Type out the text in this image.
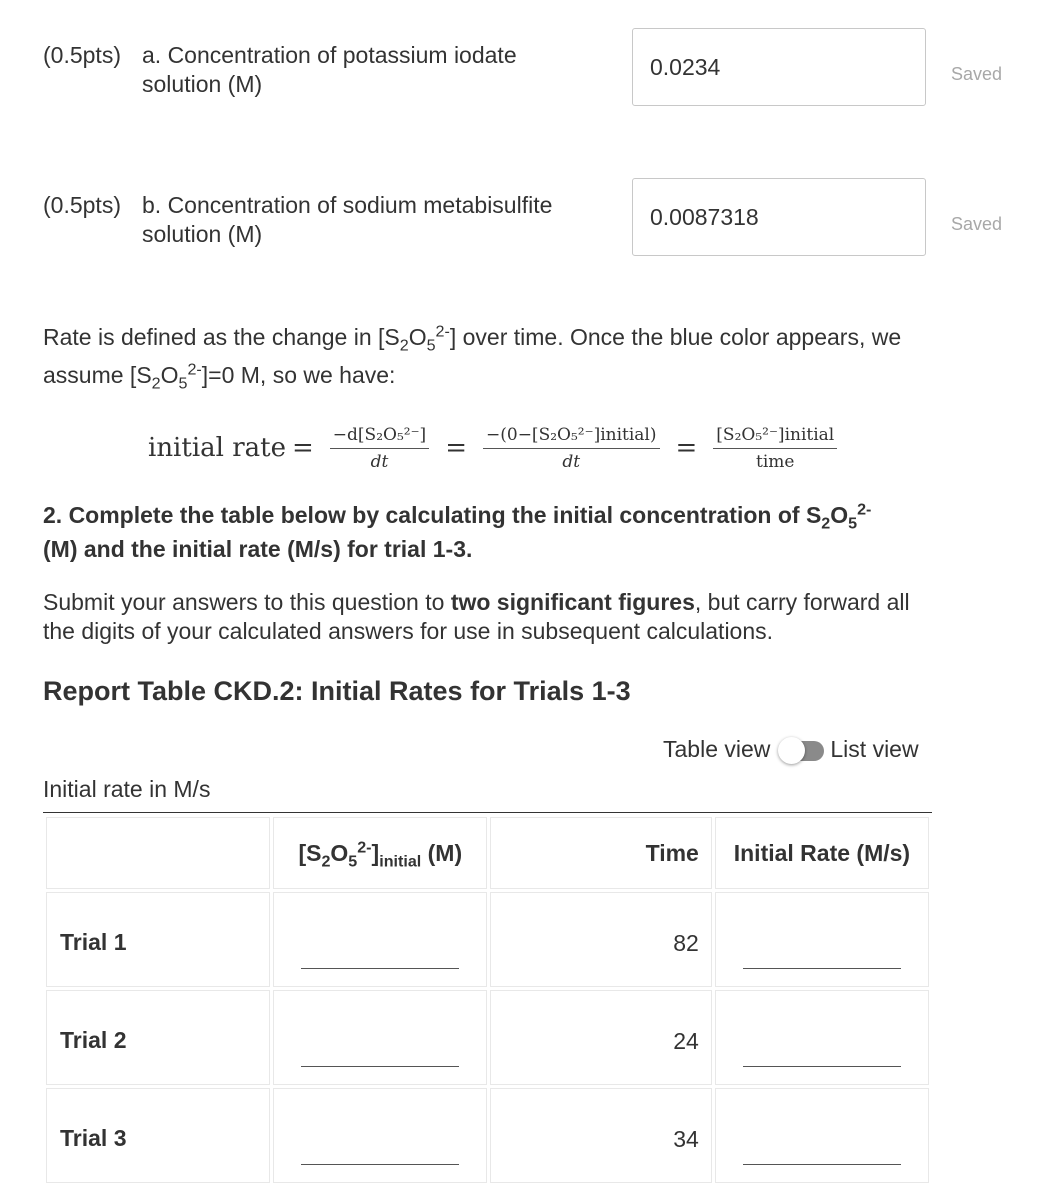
(0.5pts) a. Concentration of potassium iodate solution (M)
0.0234	Saved
(0.5pts) b. Concentration of sodium metabisulfite solution (M)
0.0087318	Saved
Rate is defined as the change in $[S_2O_5^{2-}]$ over time. Once the blue color appears, we assume $[S_2O_5^{2-}]=0$ M, so we have:
initial rate = $\frac{\text{−d[S₂O₅²⁻]}}{dt} = \frac{\text{−(0−[S₂O₅²⁻]initial)}}{dt} = \frac{\text{[S₂O₅²⁻]initial}}{\text{time}}$
2. Complete the table below by calculating the initial concentration of $S_2O_5^{2-}$
(M) and the initial rate (M/s) for trial 1-3.
Submit your answers to this question to two significant figures, but carry forward all the digits of your calculated answers for use in subsequent calculations.
Report Table CKD.2: Initial Rates for Trials 1-3
Table view	List view
Initial rate in M/s
	$[S_2O_5^{2-}]_{initial}$ (M)	Time	Initial Rate (M/s)
Trial 1		82	

Trial 2		24	

Trial 3		34	
